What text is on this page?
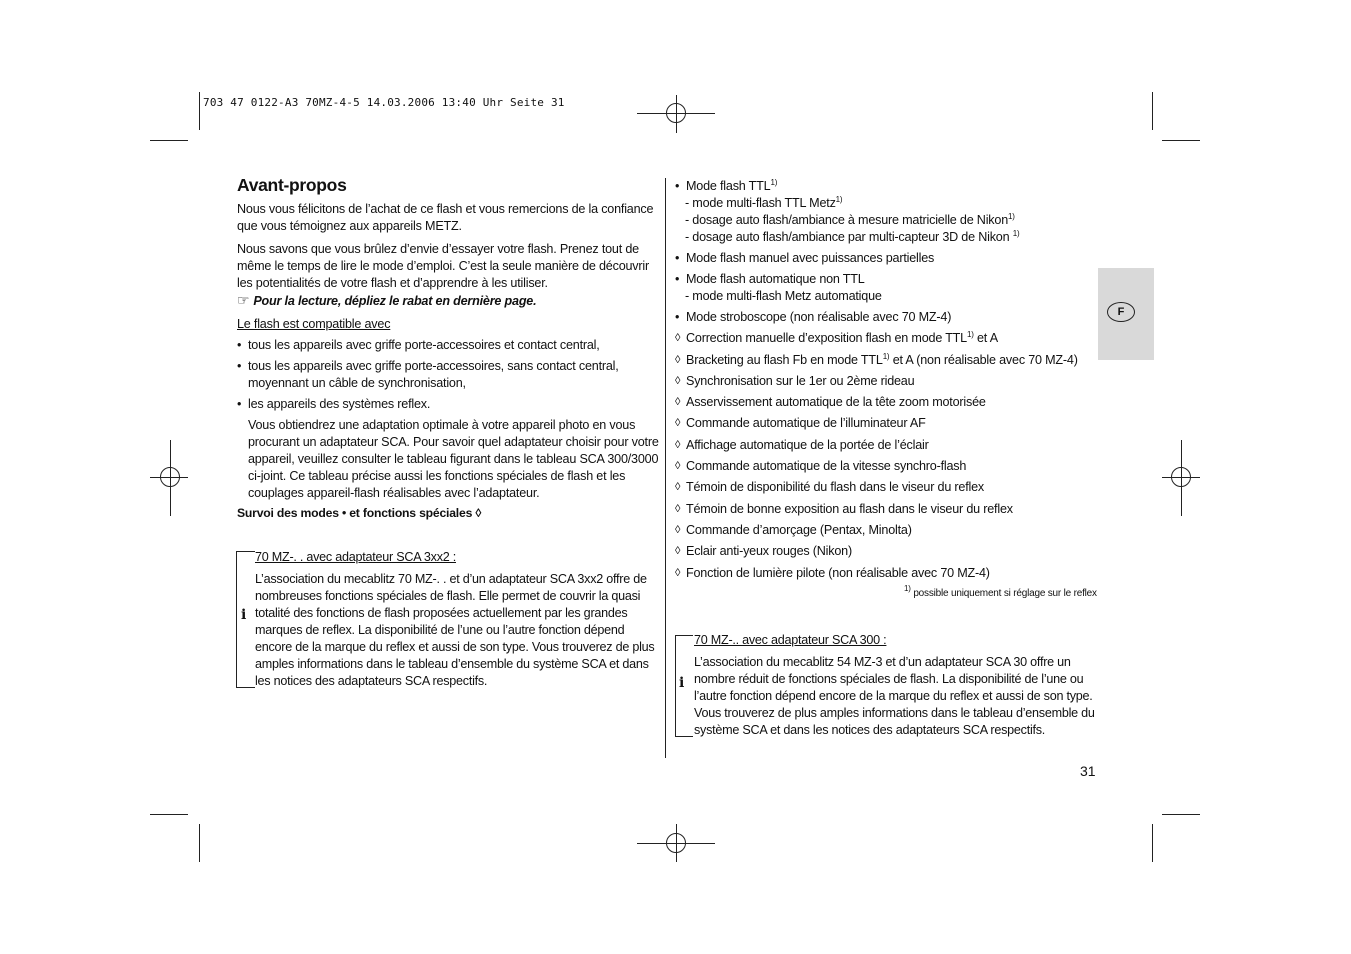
703 47 0122-A3 70MZ-4-5 14.03.2006 13:40 Uhr Seite 31

Avant-propos

Nous vous félicitons de l’achat de ce flash et vous remercions de la confiance que vous témoignez aux appareils METZ.

Nous savons que vous brûlez d’envie d’essayer votre flash. Prenez tout de même le temps de lire le mode d’emploi. C’est la seule manière de découvrir les potentialités de votre flash et d’apprendre à les utiliser.

☞ Pour la lecture, dépliez le rabat en dernière page.

Le flash est compatible avec

• tous les appareils avec griffe porte-accessoires et contact central,

• tous les appareils avec griffe porte-accessoires, sans contact central, moyennant un câble de synchronisation,

• les appareils des systèmes reflex.

Vous obtiendrez une adaptation optimale à votre appareil photo en vous procurant un adaptateur SCA. Pour savoir quel adaptateur choisir pour votre appareil, veuillez consulter le tableau figurant dans le tableau SCA 300/3000 ci-joint. Ce tableau précise aussi les fonctions spéciales de flash et les couplages appareil-flash réalisables avec l’adaptateur.

Survoi des modes • et fonctions spéciales ◊

i

70 MZ-. . avec adaptateur SCA 3xx2 :

L’association du mecablitz 70 MZ-. . et d’un adaptateur SCA 3xx2 offre de nombreuses fonctions spéciales de flash. Elle permet de couvrir la quasi totalité des fonctions de flash proposées actuellement par les grandes marques de reflex. La disponibilité de l’une ou l’autre fonction dépend encore de la marque du reflex et aussi de son type. Vous trouverez de plus amples informations dans le tableau d’ensemble du système SCA et dans les notices des adaptateurs SCA respectifs.

• Mode flash TTL$^{1)}$

- mode multi-flash TTL Metz$^{1)}$

- dosage auto flash/ambiance à mesure matricielle de Nikon$^{1)}$

- dosage auto flash/ambiance par multi-capteur 3D de Nikon $^{1)}$

• Mode flash manuel avec puissances partielles

• Mode flash automatique non TTL

- mode multi-flash Metz automatique

• Mode stroboscope (non réalisable avec 70 MZ-4)

◊ Correction manuelle d’exposition flash en mode TTL$^{1)}$ et A

◊ Bracketing au flash Fb en mode TTL$^{1)}$ et A (non réalisable avec 70 MZ-4)

◊ Synchronisation sur le 1er ou 2ème rideau

◊ Asservissement automatique de la tête zoom motorisée

◊ Commande automatique de l’illuminateur AF

◊ Affichage automatique de la portée de l’éclair

◊ Commande automatique de la vitesse synchro-flash

◊ Témoin de disponibilité du flash dans le viseur du reflex

◊ Témoin de bonne exposition au flash dans le viseur du reflex

◊ Commande d’amorçage (Pentax, Minolta)

◊ Eclair anti-yeux rouges (Nikon)

◊ Fonction de lumière pilote (non réalisable avec 70 MZ-4)

$^{1)}$ possible uniquement si réglage sur le reflex
i

70 MZ-.. avec adaptateur SCA 300 :

L’association du mecablitz 54 MZ-3 et d’un adaptateur SCA 30 offre un nombre réduit de fonctions spéciales de flash. La disponibilité de l’une ou l’autre fonction dépend encore de la marque du reflex et aussi de son type. Vous trouverez de plus amples informations dans le tableau d’ensemble du système SCA et dans les notices des adaptateurs SCA respectifs.

F
31
